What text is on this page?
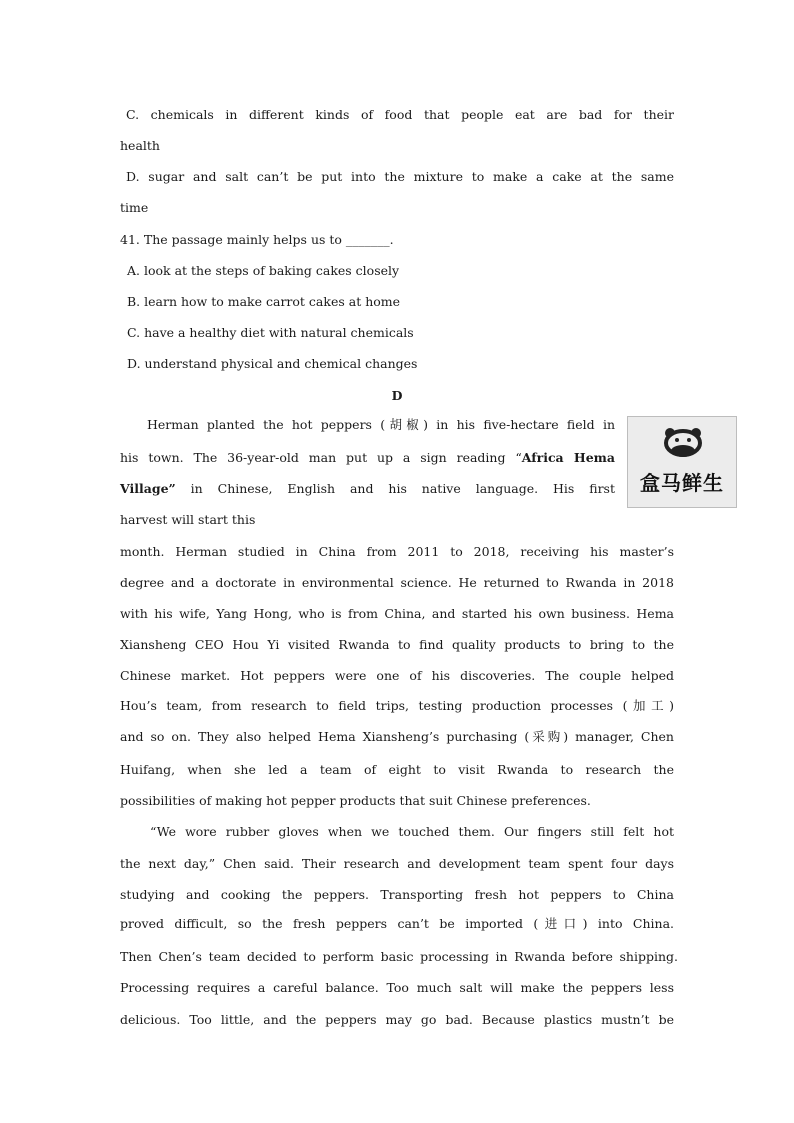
C. chemicals in different kinds of food that people eat are bad for their
health
D. sugar and salt can’t be put into the mixture to make a cake at the same
time
41. The passage mainly helps us to _______.
A. look at the steps of baking cakes closely
B. learn how to make carrot cakes at home
C. have a healthy diet with natural chemicals
D. understand physical and chemical changes
D
Herman planted the hot peppers (胡椒) in his five-hectare field in
his town. The 36-year-old man put up a sign reading “Africa Hema
Village” in Chinese, English and his native language. His first
harvest will start this
盒马鲜生
month. Herman studied in China from 2011 to 2018, receiving his master’s
degree and a doctorate in environmental science. He returned to Rwanda in 2018
with his wife, Yang Hong, who is from China, and started his own business. Hema
Xiansheng CEO Hou Yi visited Rwanda to find quality products to bring to the
Chinese market. Hot peppers were one of his discoveries. The couple helped
Hou’s team, from research to field trips, testing production processes (加工)
and so on. They also helped Hema Xiansheng’s purchasing (采购) manager, Chen
Huifang, when she led a team of eight to visit Rwanda to research the
possibilities of making hot pepper products that suit Chinese preferences.
“We wore rubber gloves when we touched them. Our fingers still felt hot
the next day,” Chen said. Their research and development team spent four days
studying and cooking the peppers. Transporting fresh hot peppers to China
proved difficult, so the fresh peppers can’t be imported (进口) into China.
Then Chen’s team decided to perform basic processing in Rwanda before shipping.
Processing requires a careful balance. Too much salt will make the peppers less
delicious. Too little, and the peppers may go bad. Because plastics mustn’t be
